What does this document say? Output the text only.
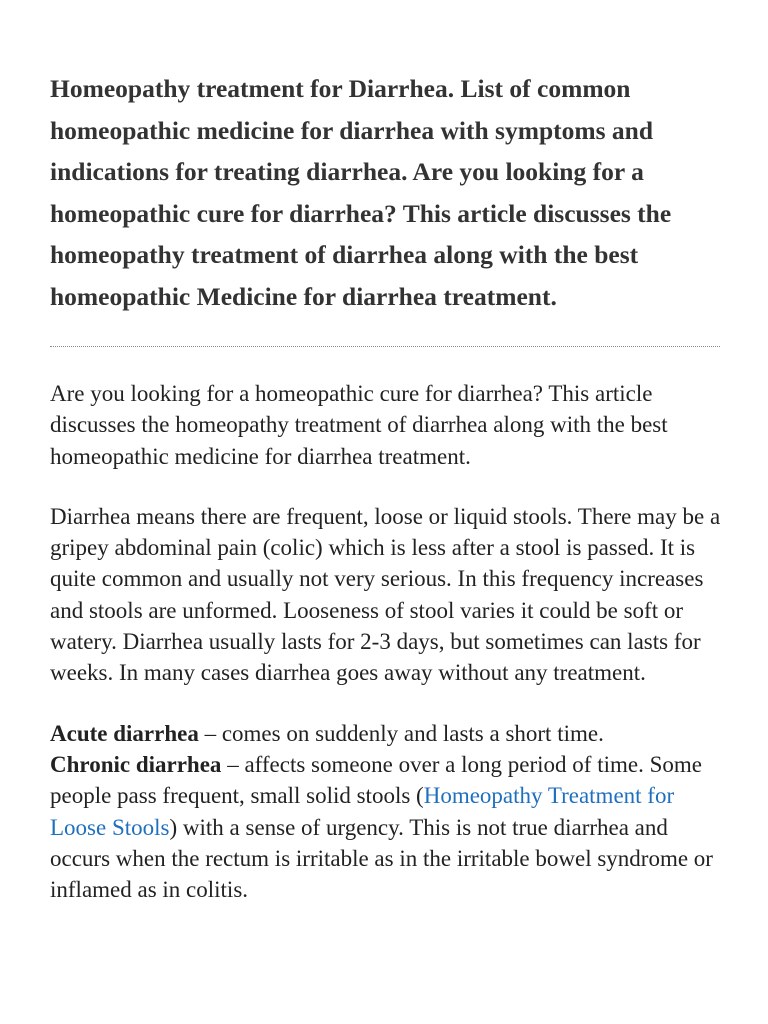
Homeopathy treatment for Diarrhea. List of common homeopathic medicine for diarrhea with symptoms and indications for treating diarrhea. Are you looking for a homeopathic cure for diarrhea? This article discusses the homeopathy treatment of diarrhea along with the best homeopathic Medicine for diarrhea treatment.

Are you looking for a homeopathic cure for diarrhea? This article discusses the homeopathy treatment of diarrhea along with the best homeopathic medicine for diarrhea treatment.

Diarrhea means there are frequent, loose or liquid stools. There may be a gripey abdominal pain (colic) which is less after a stool is passed. It is quite common and usually not very serious. In this frequency increases and stools are unformed. Looseness of stool varies it could be soft or watery. Diarrhea usually lasts for 2-3 days, but sometimes can lasts for weeks. In many cases diarrhea goes away without any treatment.

Acute diarrhea – comes on suddenly and lasts a short time.
Chronic diarrhea – affects someone over a long period of time. Some people pass frequent, small solid stools (Homeopathy Treatment for Loose Stools) with a sense of urgency. This is not true diarrhea and occurs when the rectum is irritable as in the irritable bowel syndrome or inflamed as in colitis.
